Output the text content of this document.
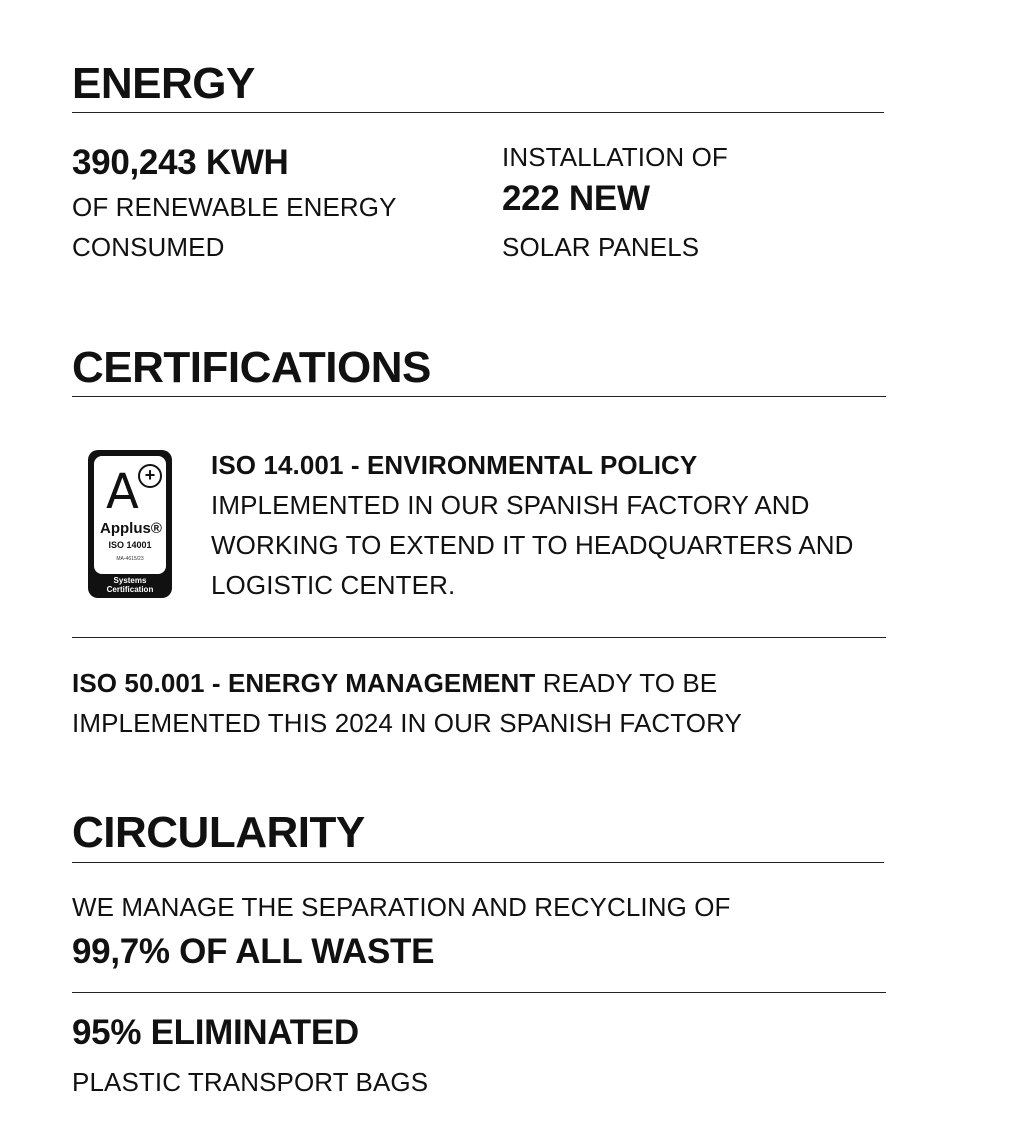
ENERGY
390,243 KWH
OF RENEWABLE ENERGY
CONSUMED
INSTALLATION OF
222 NEW
SOLAR PANELS
CERTIFICATIONS
A +
Applus®
ISO 14001
MA-4615/23
Systems
Certification
ISO 14.001 - ENVIRONMENTAL POLICY
IMPLEMENTED IN OUR SPANISH FACTORY AND
WORKING TO EXTEND IT TO HEADQUARTERS AND
LOGISTIC CENTER.
ISO 50.001 - ENERGY MANAGEMENT READY TO BE
IMPLEMENTED THIS 2024 IN OUR SPANISH FACTORY
CIRCULARITY
WE MANAGE THE SEPARATION AND RECYCLING OF
99,7% OF ALL WASTE
95% ELIMINATED
PLASTIC TRANSPORT BAGS
